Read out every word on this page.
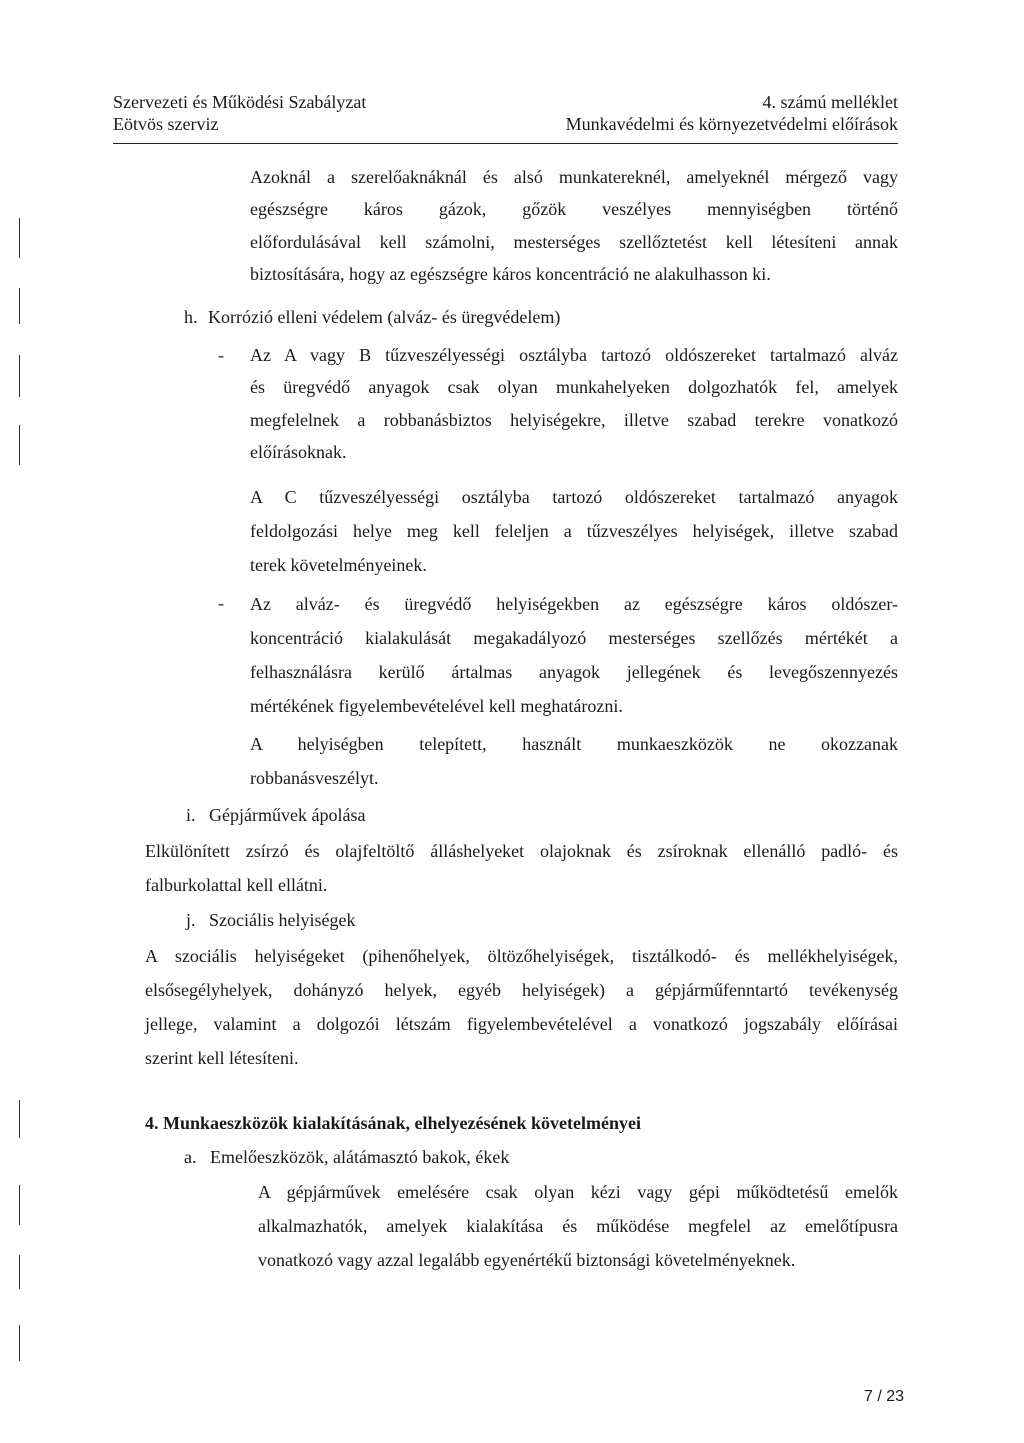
Szervezeti és Működési Szabályzat
Eötvös szerviz
4. számú melléklet
Munkavédelmi és környezetvédelmi előírások
Azoknál a szerelőaknáknál és alsó munkatereknél, amelyeknél mérgező vagy
egészségre káros gázok, gőzök veszélyes mennyiségben történő
előfordulásával kell számolni, mesterséges szellőztetést kell létesíteni annak
biztosítására, hogy az egészségre káros koncentráció ne alakulhasson ki.
h. Korrózió elleni védelem (alváz- és üregvédelem)
- Az A vagy B tűzveszélyességi osztályba tartozó oldószereket tartalmazó alváz
és üregvédő anyagok csak olyan munkahelyeken dolgozhatók fel, amelyek
megfelelnek a robbanásbiztos helyiségekre, illetve szabad terekre vonatkozó
előírásoknak.
A C tűzveszélyességi osztályba tartozó oldószereket tartalmazó anyagok
feldolgozási helye meg kell feleljen a tűzveszélyes helyiségek, illetve szabad
terek követelményeinek.
- Az alváz- és üregvédő helyiségekben az egészségre káros oldószer-
koncentráció kialakulását megakadályozó mesterséges szellőzés mértékét a
felhasználásra kerülő ártalmas anyagok jellegének és levegőszennyezés
mértékének figyelembevételével kell meghatározni.
A helyiségben telepített, használt munkaeszközök ne okozzanak
robbanásveszélyt.
i. Gépjárművek ápolása
Elkülönített zsírzó és olajfeltöltő álláshelyeket olajoknak és zsíroknak ellenálló padló- és
falburkolattal kell ellátni.
j. Szociális helyiségek
A szociális helyiségeket (pihenőhelyek, öltözőhelyiségek, tisztálkodó- és mellékhelyiségek,
elsősegélyhelyek, dohányzó helyek, egyéb helyiségek) a gépjárműfenntartó tevékenység
jellege, valamint a dolgozói létszám figyelembevételével a vonatkozó jogszabály előírásai
szerint kell létesíteni.
4. Munkaeszközök kialakításának, elhelyezésének követelményei
a. Emelőeszközök, alátámasztó bakok, ékek
A gépjárművek emelésére csak olyan kézi vagy gépi működtetésű emelők
alkalmazhatók, amelyek kialakítása és működése megfelel az emelőtípusra
vonatkozó vagy azzal legalább egyenértékű biztonsági követelményeknek.
7 / 23
